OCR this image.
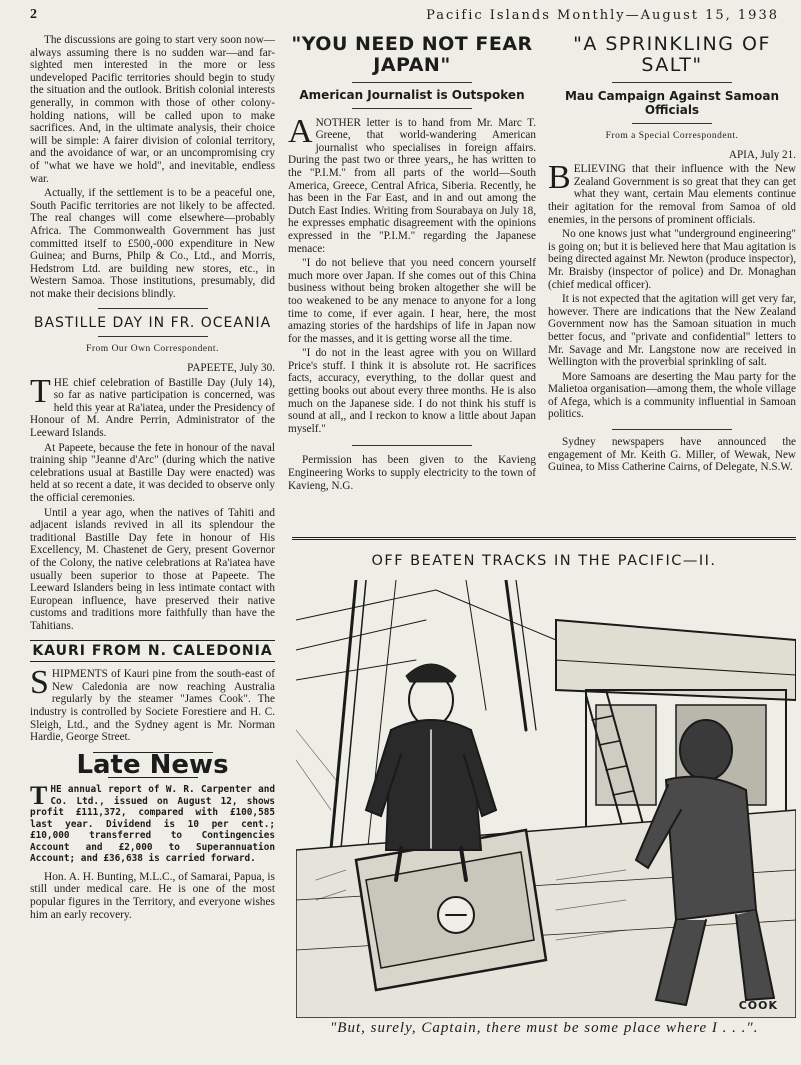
2	Pacific Islands Monthly—August 15, 1938

The discussions are going to start very soon now—always assuming there is no sudden war—and far-sighted men interested in the more or less undeveloped Pacific territories should begin to study the situation and the outlook. British colonial interests generally, in common with those of other colony-holding nations, will be called upon to make sacrifices. And, in the ultimate analysis, their choice will be simple: A fairer division of colonial territory, and the avoidance of war, or an uncompromising cry of "what we have we hold", and inevitable, endless war.

Actually, if the settlement is to be a peaceful one, South Pacific territories are not likely to be affected. The real changes will come elsewhere—probably Africa. The Commonwealth Government has just committed itself to £500,-000 expenditure in New Guinea; and Burns, Philp & Co., Ltd., and Morris, Hedstrom Ltd. are building new stores, etc., in Western Samoa. Those institutions, presumably, did not make their decisions blindly.

BASTILLE DAY IN FR. OCEANIA
From Our Own Correspondent.

PAPEETE, July 30.

THE chief celebration of Bastille Day (July 14), so far as native participation is concerned, was held this year at Ra'iatea, under the Presidency of Honour of M. Andre Perrin, Administrator of the Leeward Islands.

At Papeete, because the fete in honour of the naval training ship "Jeanne d'Arc" (during which the native celebrations usual at Bastille Day were enacted) was held at so recent a date, it was decided to observe only the official ceremonies.

Until a year ago, when the natives of Tahiti and adjacent islands revived in all its splendour the traditional Bastille Day fete in honour of His Excellency, M. Chastenet de Gery, present Governor of the Colony, the native celebrations at Ra'iatea have usually been superior to those at Papeete. The Leeward Islanders being in less intimate contact with European influence, have preserved their native customs and traditions more faithfully than have the Tahitians.

KAURI FROM N. CALEDONIA

SHIPMENTS of Kauri pine from the south-east of New Caledonia are now reaching Australia regularly by the steamer "James Cook". The industry is controlled by Societe Forestiere and H. C. Sleigh, Ltd., and the Sydney agent is Mr. Norman Hardie, George Street.

Late News

THE annual report of W. R. Carpenter and Co. Ltd., issued on August 12, shows profit £111,372, compared with £100,585 last year. Dividend is 10 per cent.; £10,000 transferred to Contingencies Account and £2,000 to Superannuation Account; and £36,638 is carried forward.

Hon. A. H. Bunting, M.L.C., of Samarai, Papua, is still under medical care. He is one of the most popular figures in the Territory, and everyone wishes him an early recovery.

"YOU NEED NOT FEAR JAPAN"
American Journalist is Outspoken

ANOTHER letter is to hand from Mr. Marc T. Greene, that world-wandering American journalist who specialises in foreign affairs. During the past two or three years,, he has written to the "P.I.M." from all parts of the world—South America, Greece, Central Africa, Siberia. Recently, he has been in the Far East, and in and out among the Dutch East Indies. Writing from Sourabaya on July 18, he expresses emphatic disagreement with the opinions expressed in the "P.I.M." regarding the Japanese menace:

"I do not believe that you need concern yourself much more over Japan. If she comes out of this China business without being broken altogether she will be too weakened to be any menace to anyone for a long time to come, if ever again. I hear, here, the most amazing stories of the hardships of life in Japan now for the masses, and it is getting worse all the time.

"I do not in the least agree with you on Willard Price's stuff. I think it is absolute rot. He sacrifices facts, accuracy, everything, to the dollar quest and getting books out about every three months. He is also much on the Japanese side. I do not think his stuff is sound at all,, and I reckon to know a little about Japan myself."

Permission has been given to the Kavieng Engineering Works to supply electricity to the town of Kavieng, N.G.

"A SPRINKLING OF SALT"
Mau Campaign Against Samoan Officials
From a Special Correspondent.

APIA, July 21.

BELIEVING that their influence with the New Zealand Government is so great that they can get what they want, certain Mau elements continue their agitation for the removal from Samoa of old enemies, in the persons of prominent officials.

No one knows just what "underground engineering" is going on; but it is believed here that Mau agitation is being directed against Mr. Newton (produce inspector), Mr. Braisby (inspector of police) and Dr. Monaghan (chief medical officer).

It is not expected that the agitation will get very far, however. There are indications that the New Zealand Government now has the Samoan situation in much better focus, and "private and confidential" letters to Mr. Savage and Mr. Langstone now are received in Wellington with the proverbial sprinkling of salt.

More Samoans are deserting the Mau party for the Malietoa organisation—among them, the whole village of Afega, which is a community influential in Samoan politics.

Sydney newspapers have announced the engagement of Mr. Keith G. Miller, of Wewak, New Guinea, to Miss Catherine Cairns, of Delegate, N.S.W.

OFF BEATEN TRACKS IN THE PACIFIC—II.
COOK
"But, surely, Captain, there must be some place where I . . .".
